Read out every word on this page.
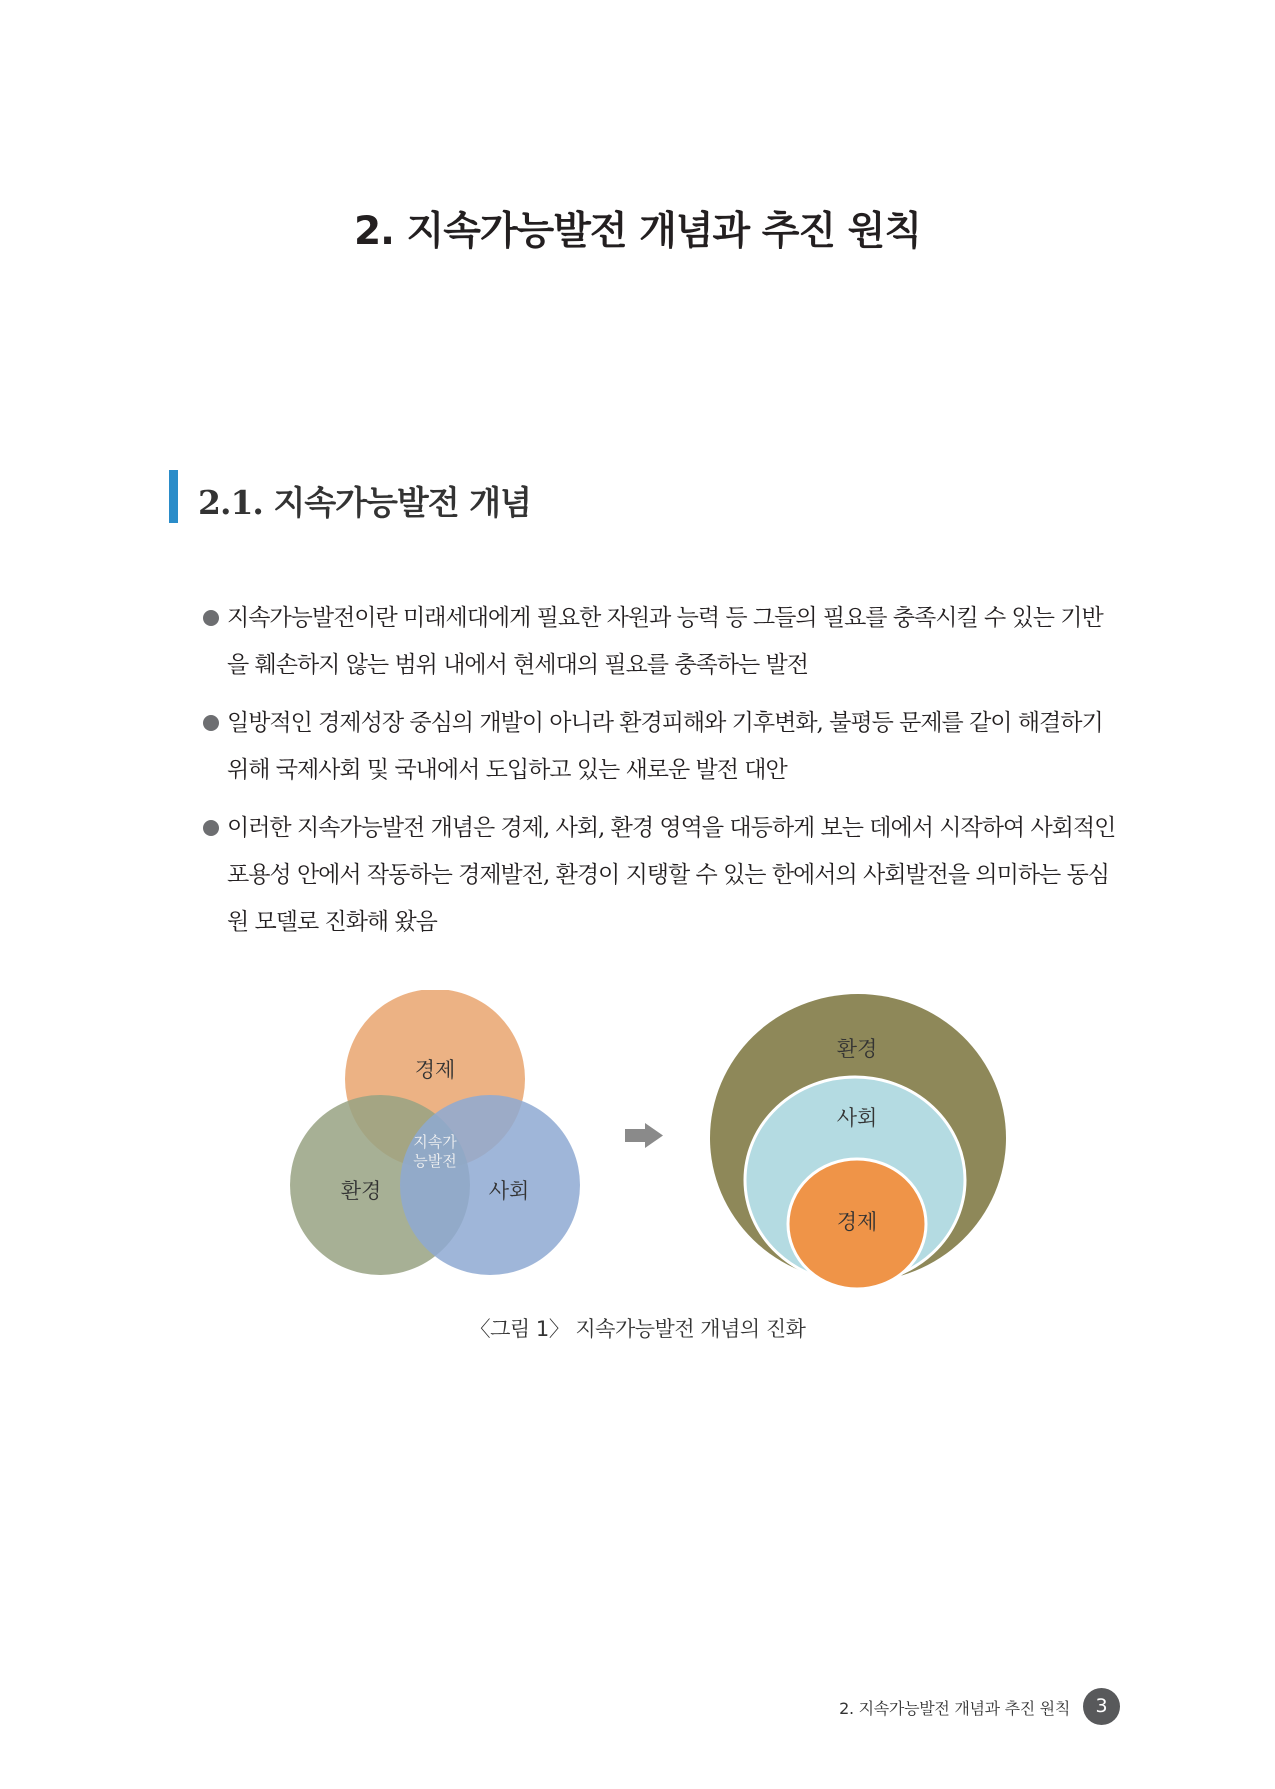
2. 지속가능발전 개념과 추진 원칙
2.1. 지속가능발전 개념
지속가능발전이란 미래세대에게 필요한 자원과 능력 등 그들의 필요를 충족시킬 수 있는 기반을 훼손하지 않는 범위 내에서 현세대의 필요를 충족하는 발전
일방적인 경제성장 중심의 개발이 아니라 환경피해와 기후변화, 불평등 문제를 같이 해결하기 위해 국제사회 및 국내에서 도입하고 있는 새로운 발전 대안
이러한 지속가능발전 개념은 경제, 사회, 환경 영역을 대등하게 보는 데에서 시작하여 사회적인 포용성 안에서 작동하는 경제발전, 환경이 지탱할 수 있는 한에서의 사회발전을 의미하는 동심원 모델로 진화해 왔음
경제
환경	사회
지속가
능발전
환경
사회
경제
〈그림 1〉 지속가능발전 개념의 진화
2. 지속가능발전 개념과 추진 원칙	3
